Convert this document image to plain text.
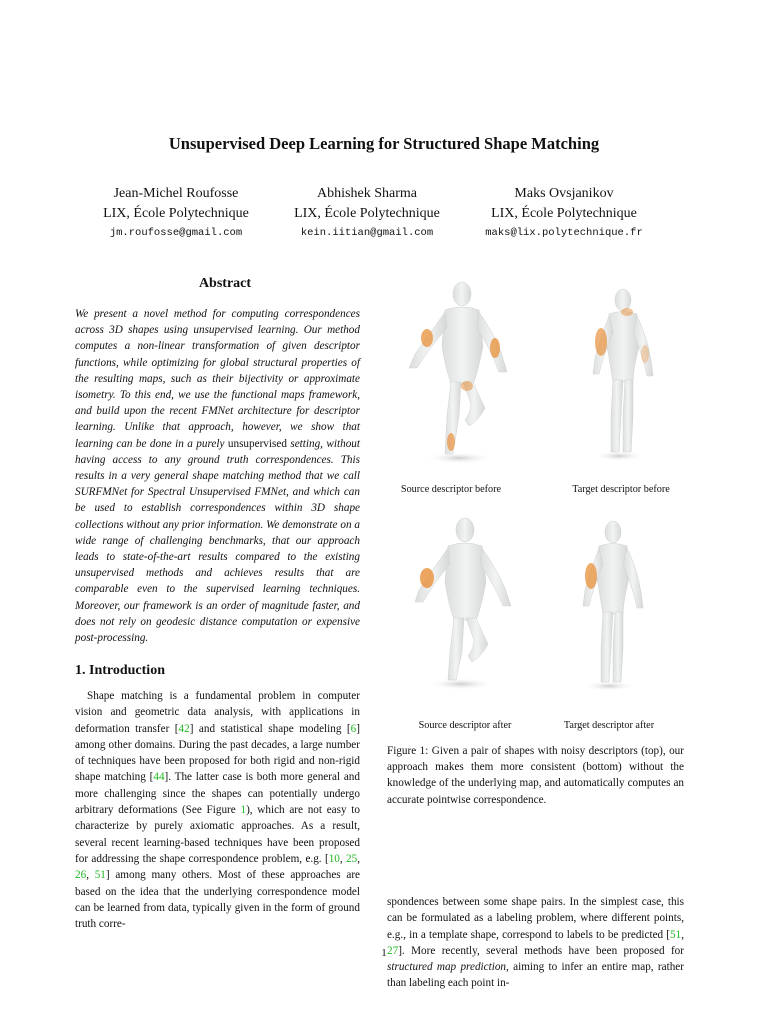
Unsupervised Deep Learning for Structured Shape Matching
Jean-Michel Roufosse
LIX, École Polytechnique
jm.roufosse@gmail.com
Abhishek Sharma
LIX, École Polytechnique
kein.iitian@gmail.com
Maks Ovsjanikov
LIX, École Polytechnique
maks@lix.polytechnique.fr
Abstract
We present a novel method for computing correspondences across 3D shapes using unsupervised learning. Our method computes a non-linear transformation of given descriptor functions, while optimizing for global structural properties of the resulting maps, such as their bijectivity or approximate isometry. To this end, we use the functional maps framework, and build upon the recent FMNet architecture for descriptor learning. Unlike that approach, however, we show that learning can be done in a purely unsupervised setting, without having access to any ground truth correspondences. This results in a very general shape matching method that we call SURFMNet for Spectral Unsupervised FMNet, and which can be used to establish correspondences within 3D shape collections without any prior information. We demonstrate on a wide range of challenging benchmarks, that our approach leads to state-of-the-art results compared to the existing unsupervised methods and achieves results that are comparable even to the supervised learning techniques. Moreover, our framework is an order of magnitude faster, and does not rely on geodesic distance computation or expensive post-processing.
1. Introduction
Shape matching is a fundamental problem in computer vision and geometric data analysis, with applications in deformation transfer [42] and statistical shape modeling [6] among other domains. During the past decades, a large number of techniques have been proposed for both rigid and non-rigid shape matching [44]. The latter case is both more general and more challenging since the shapes can potentially undergo arbitrary deformations (See Figure 1), which are not easy to characterize by purely axiomatic approaches. As a result, several recent learning-based techniques have been proposed for addressing the shape correspondence problem, e.g. [10, 25, 26, 51] among many others. Most of these approaches are based on the idea that the underlying correspondence model can be learned from data, typically given in the form of ground truth corre-
Source descriptor before	Target descriptor before
Source descriptor after	Target descriptor after
Figure 1: Given a pair of shapes with noisy descriptors (top), our approach makes them more consistent (bottom) without the knowledge of the underlying map, and automatically computes an accurate pointwise correspondence.
spondences between some shape pairs. In the simplest case, this can be formulated as a labeling problem, where different points, e.g., in a template shape, correspond to labels to be predicted [51, 27]. More recently, several methods have been proposed for structured map prediction, aiming to infer an entire map, rather than labeling each point in-
1
